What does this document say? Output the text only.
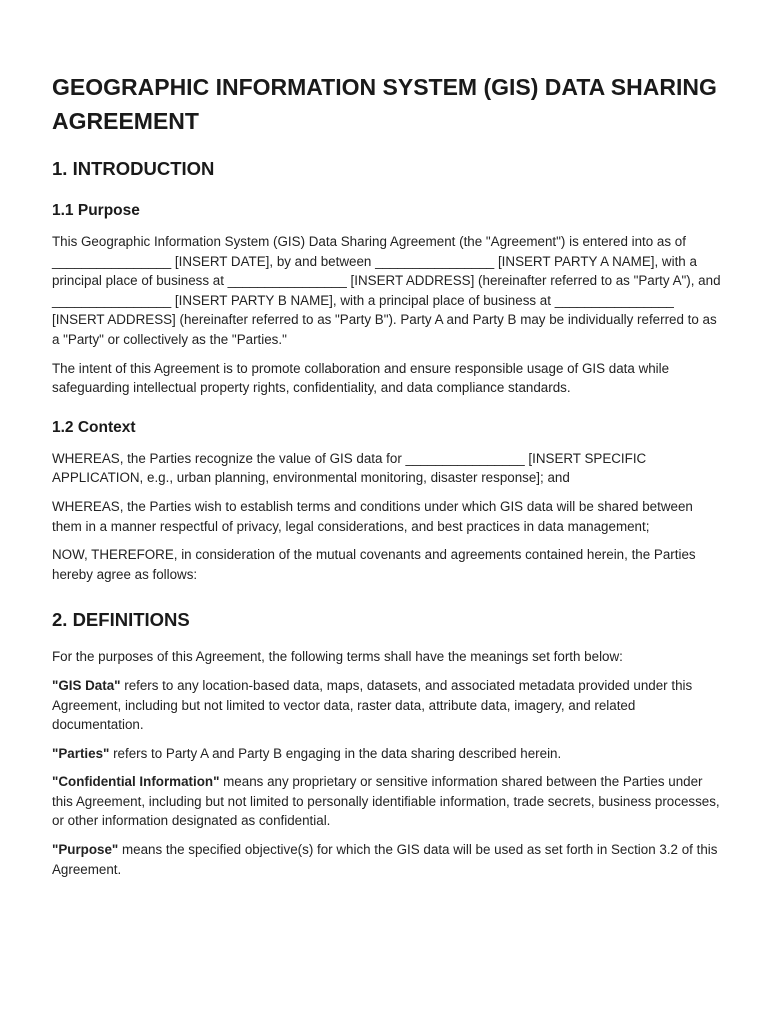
GEOGRAPHIC INFORMATION SYSTEM (GIS) DATA SHARING AGREEMENT
1. INTRODUCTION
1.1 Purpose

This Geographic Information System (GIS) Data Sharing Agreement (the "Agreement") is entered into as of ________________ [INSERT DATE], by and between ________________ [INSERT PARTY A NAME], with a principal place of business at ________________ [INSERT ADDRESS] (hereinafter referred to as "Party A"), and ________________ [INSERT PARTY B NAME], with a principal place of business at ________________ [INSERT ADDRESS] (hereinafter referred to as "Party B"). Party A and Party B may be individually referred to as a "Party" or collectively as the "Parties."

The intent of this Agreement is to promote collaboration and ensure responsible usage of GIS data while safeguarding intellectual property rights, confidentiality, and data compliance standards.

1.2 Context

WHEREAS, the Parties recognize the value of GIS data for ________________ [INSERT SPECIFIC APPLICATION, e.g., urban planning, environmental monitoring, disaster response]; and

WHEREAS, the Parties wish to establish terms and conditions under which GIS data will be shared between them in a manner respectful of privacy, legal considerations, and best practices in data management;

NOW, THEREFORE, in consideration of the mutual covenants and agreements contained herein, the Parties hereby agree as follows:

2. DEFINITIONS

For the purposes of this Agreement, the following terms shall have the meanings set forth below:

"GIS Data" refers to any location-based data, maps, datasets, and associated metadata provided under this Agreement, including but not limited to vector data, raster data, attribute data, imagery, and related documentation.

"Parties" refers to Party A and Party B engaging in the data sharing described herein.

"Confidential Information" means any proprietary or sensitive information shared between the Parties under this Agreement, including but not limited to personally identifiable information, trade secrets, business processes, or other information designated as confidential.

"Purpose" means the specified objective(s) for which the GIS data will be used as set forth in Section 3.2 of this Agreement.
